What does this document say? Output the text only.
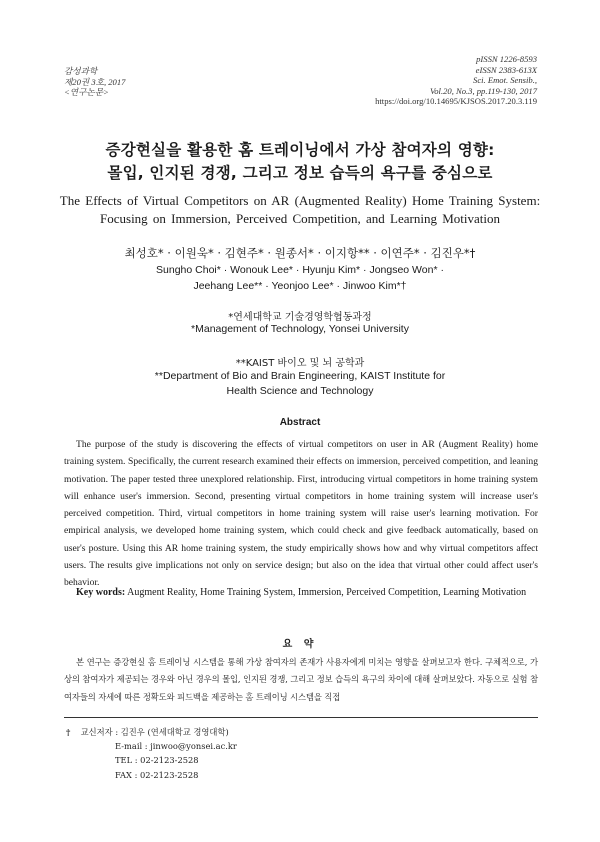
감성과학
제20권 3호, 2017
<연구논문>
pISSN 1226-8593
eISSN 2383-613X
Sci. Emot. Sensib.,
Vol.20, No.3, pp.119-130, 2017
https://doi.org/10.14695/KJSOS.2017.20.3.119
증강현실을 활용한 홈 트레이닝에서 가상 참여자의 영향:
몰입, 인지된 경쟁, 그리고 정보 습득의 욕구를 중심으로
The Effects of Virtual Competitors on AR (Augmented Reality) Home Training System:
Focusing on Immersion, Perceived Competition, and Learning Motivation
최성호* · 이원욱* · 김현주* · 원종서* · 이지항** · 이연주* · 김진우*†
Sungho Choi* · Wonouk Lee* · Hyunju Kim* · Jongseo Won* ·
Jeehang Lee** · Yeonjoo Lee* · Jinwoo Kim*†
*연세대학교 기술경영학협동과정
*Management of Technology, Yonsei University
**KAIST 바이오 및 뇌 공학과
**Department of Bio and Brain Engineering, KAIST Institute for
Health Science and Technology
Abstract

The purpose of the study is discovering the effects of virtual competitors on user in AR (Augment Reality) home training system. Specifically, the current research examined their effects on immersion, perceived competition, and leaning motivation. The paper tested three unexplored relationship. First, introducing virtual competitors in home training system will enhance user's immersion. Second, presenting virtual competitors in home training system will increase user's perceived competition. Third, virtual competitors in home training system will raise user's learning motivation. For empirical analysis, we developed home training system, which could check and give feedback automatically, based on user's posture. Using this AR home training system, the study empirically shows how and why virtual competitors affect users. The results give implications not only on service design; but also on the idea that virtual other could affect user's behavior.

Key words: Augment Reality, Home Training System, Immersion, Perceived Competition, Learning Motivation
요 약

본 연구는 증강현실 홈 트레이닝 시스템을 통해 가상 참여자의 존재가 사용자에게 미치는 영향을 살펴보고자 한다. 구체적으로, 가상의 참여자가 제공되는 경우와 아닌 경우의 몰입, 인지된 경쟁, 그리고 정보 습득의 욕구의 차이에 대해 살펴보았다. 자동으로 실험 참여자들의 자세에 따른 정확도와 피드백을 제공하는 홈 트레이닝 시스템을 직접

† 교신저자 : 김진우 (연세대학교 경영대학)
E-mail : jinwoo@yonsei.ac.kr
TEL : 02-2123-2528
FAX : 02-2123-2528
